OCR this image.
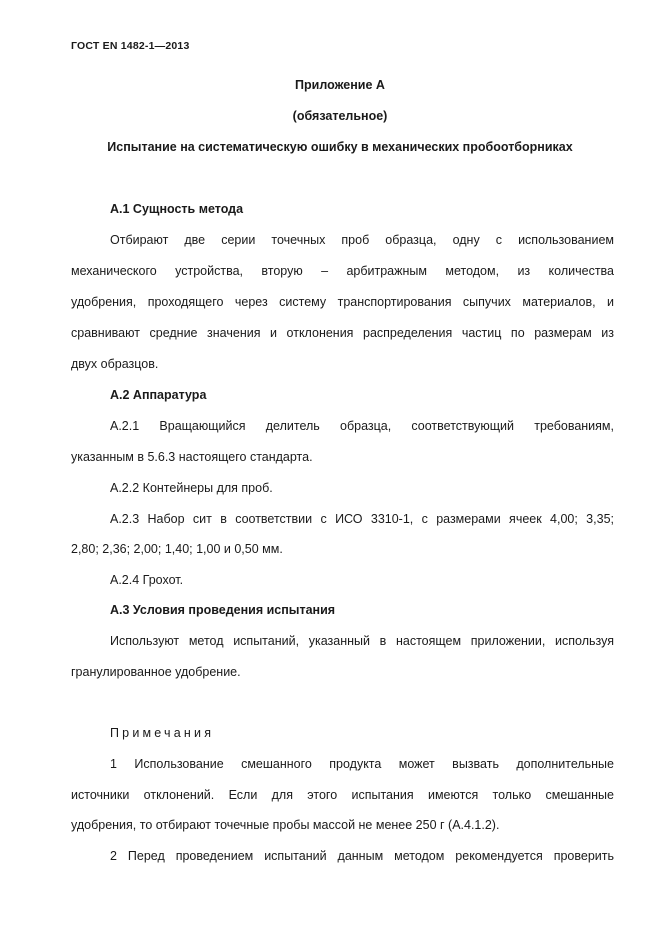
ГОСТ EN 1482-1—2013
Приложение А
(обязательное)
Испытание на систематическую ошибку в механических пробоотборниках
А.1 Сущность метода
Отбирают две серии точечных проб образца, одну с использованием
механического устройства, вторую – арбитражным методом, из количества
удобрения, проходящего через систему транспортирования сыпучих материалов, и
сравнивают средние значения и отклонения распределения частиц по размерам из
двух образцов.
А.2 Аппаратура
А.2.1 Вращающийся делитель образца, соответствующий требованиям,
указанным в 5.6.3 настоящего стандарта.
А.2.2 Контейнеры для проб.
А.2.3 Набор сит в соответствии с ИСО 3310-1, с размерами ячеек 4,00; 3,35;
2,80; 2,36; 2,00; 1,40; 1,00 и 0,50 мм.
А.2.4 Грохот.
А.3 Условия проведения испытания
Используют метод испытаний, указанный в настоящем приложении, используя
гранулированное удобрение.
Примечания
1 Использование смешанного продукта может вызвать дополнительные
источники отклонений. Если для этого испытания имеются только смешанные
удобрения, то отбирают точечные пробы массой не менее 250 г (А.4.1.2).
2 Перед проведением испытаний данным методом рекомендуется проверить
